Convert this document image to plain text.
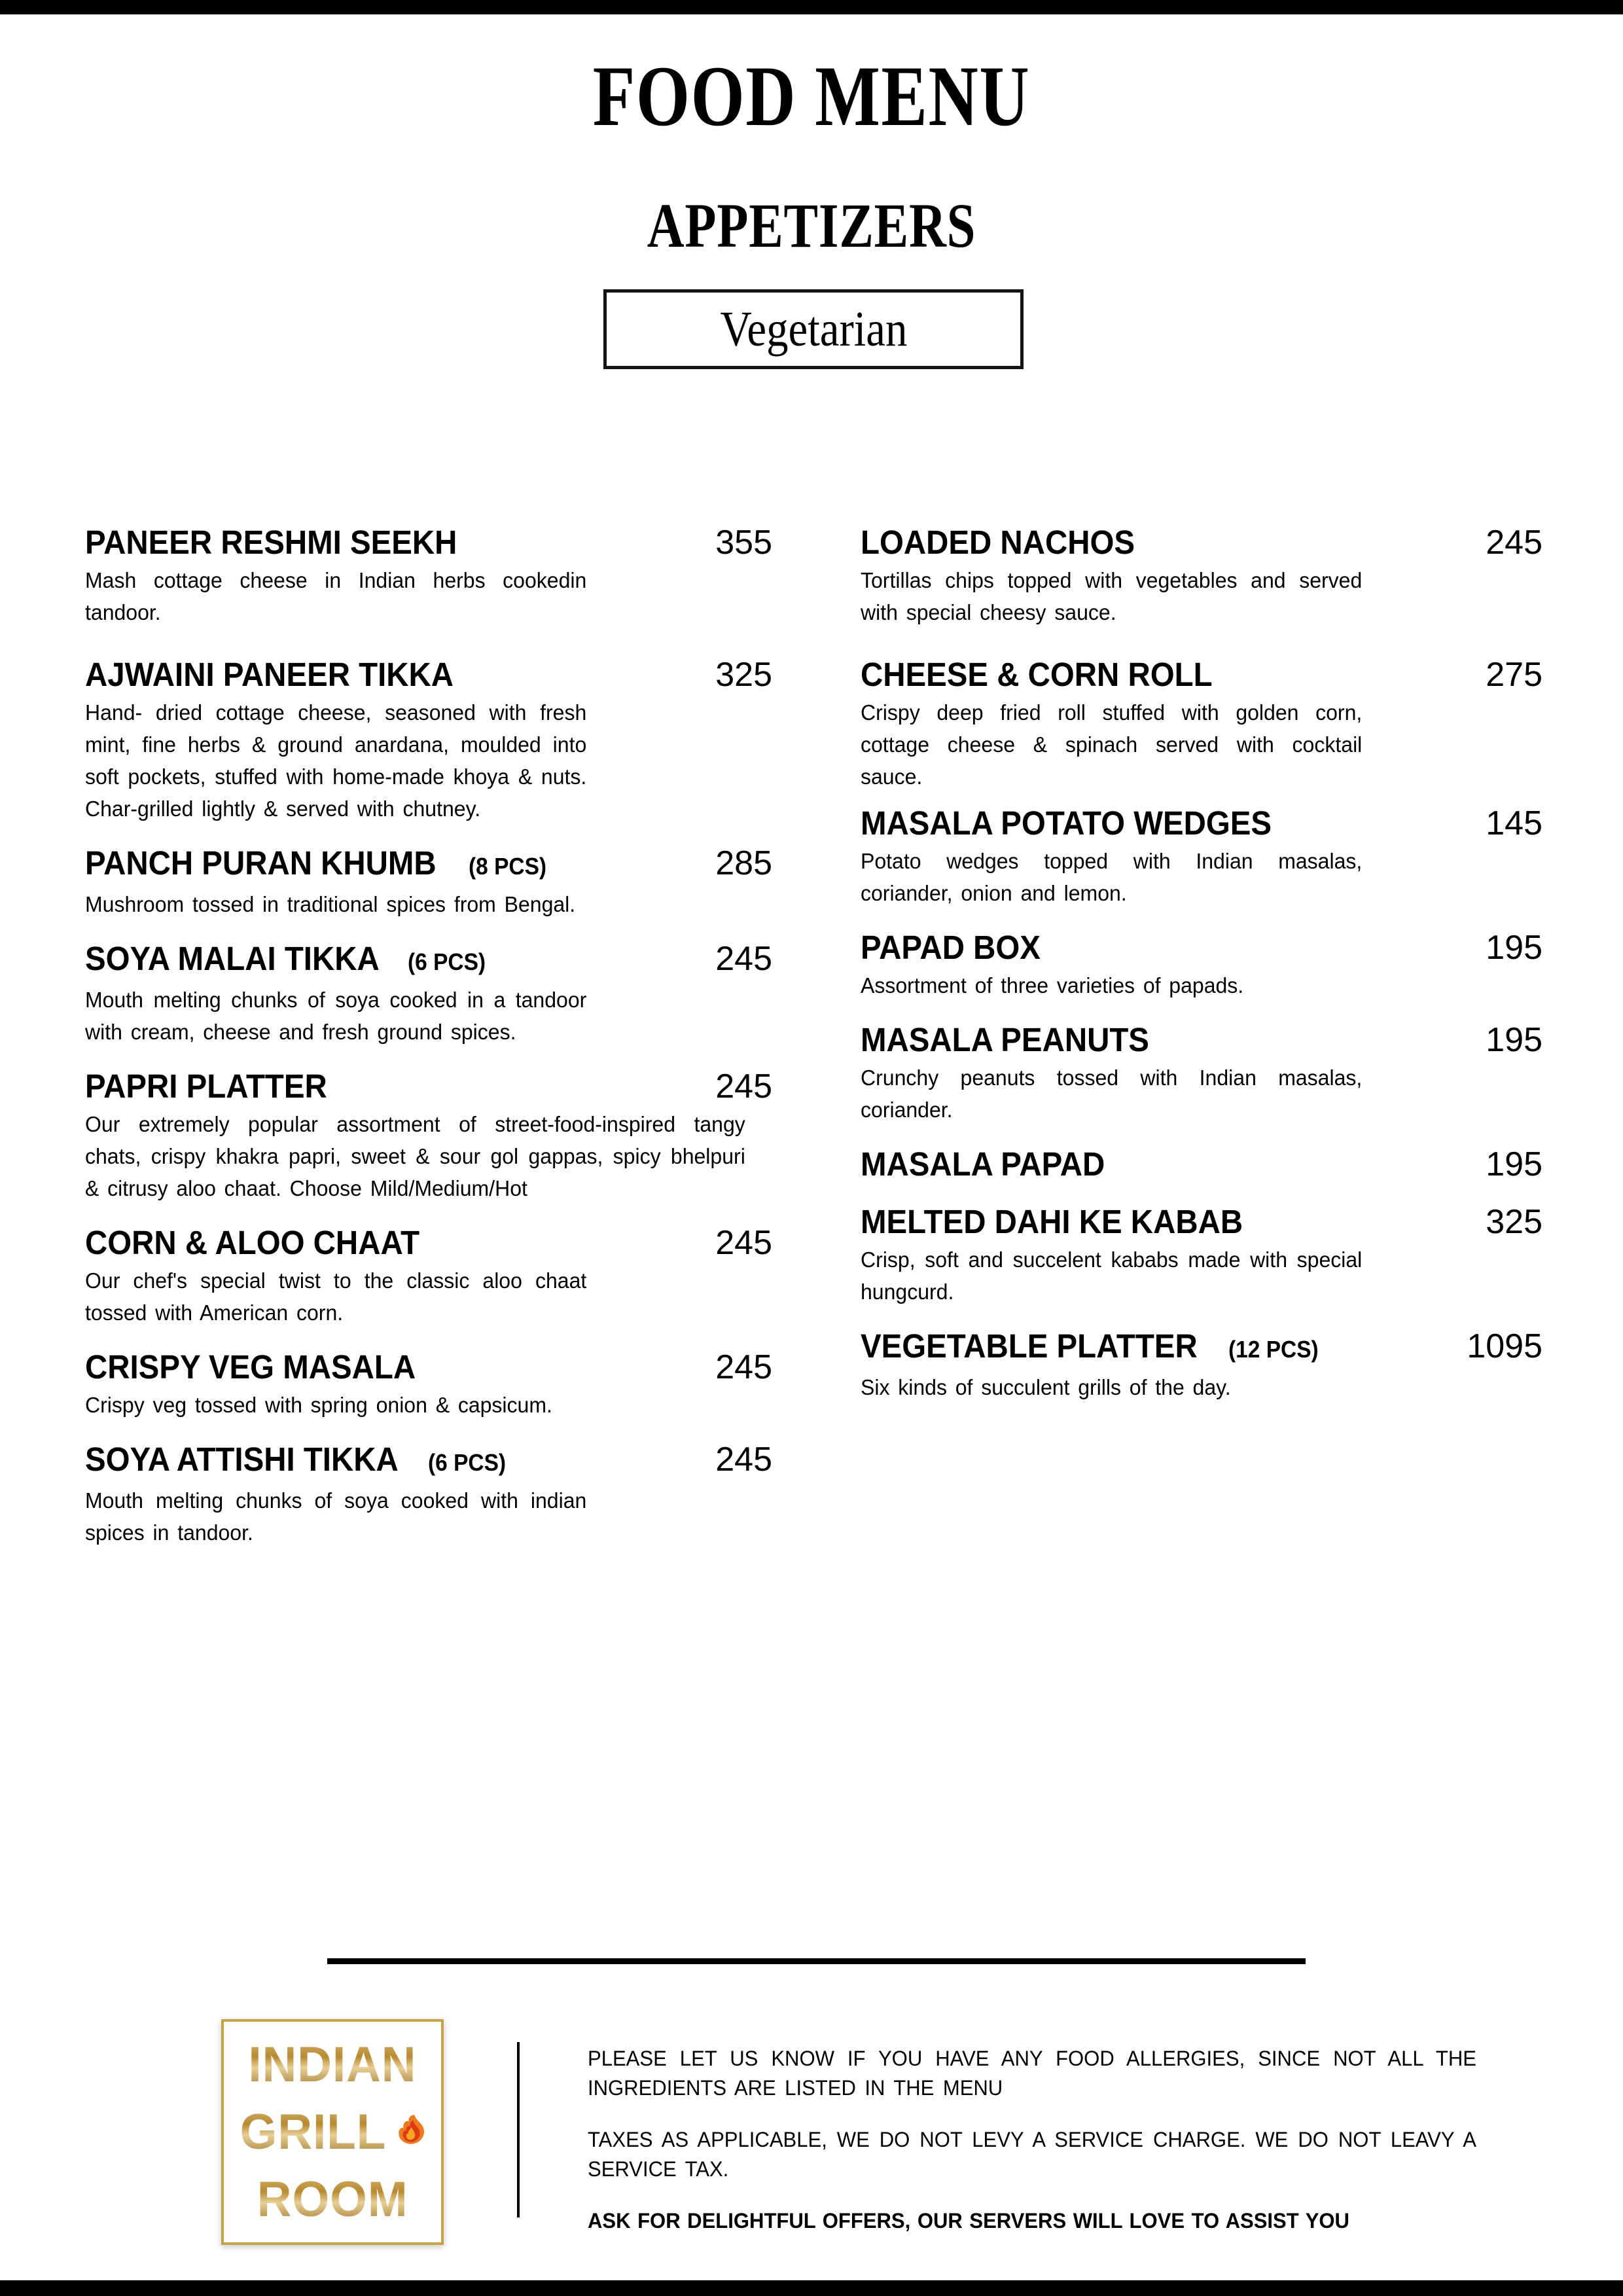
FOOD MENU
APPETIZERS
Vegetarian
PANEER RESHMI SEEKH	355
Mash cottage cheese in Indian herbs cookedin tandoor.
AJWAINI PANEER TIKKA	325
Hand- dried cottage cheese, seasoned with fresh mint, fine herbs & ground anardana, moulded into soft pockets, stuffed with home-made khoya & nuts. Char-grilled lightly & served with chutney.
PANCH PURAN KHUMB (8 PCS)	285
Mushroom tossed in traditional spices from Bengal.
SOYA MALAI TIKKA (6 PCS)	245
Mouth melting chunks of soya cooked in a tandoor with cream, cheese and fresh ground spices.
PAPRI PLATTER	245
Our extremely popular assortment of street-food-inspired tangy chats, crispy khakra papri, sweet & sour gol gappas, spicy bhelpuri & citrusy aloo chaat. Choose Mild/Medium/Hot
CORN & ALOO CHAAT	245
Our chef's special twist to the classic aloo chaat tossed with American corn.
CRISPY VEG MASALA	245
Crispy veg tossed with spring onion & capsicum.
SOYA ATTISHI TIKKA (6 PCS)	245
Mouth melting chunks of soya cooked with indian spices in tandoor.
LOADED NACHOS	245
Tortillas chips topped with vegetables and served with special cheesy sauce.
CHEESE & CORN ROLL	275
Crispy deep fried roll stuffed with golden corn, cottage cheese & spinach served with cocktail sauce.
MASALA POTATO WEDGES	145
Potato wedges topped with Indian masalas, coriander, onion and lemon.
PAPAD BOX	195
Assortment of three varieties of papads.
MASALA PEANUTS	195
Crunchy peanuts tossed with Indian masalas, coriander.
MASALA PAPAD	195
MELTED DAHI KE KABAB	325
Crisp, soft and succelent kababs made with special hungcurd.
VEGETABLE PLATTER (12 PCS)	1095
Six kinds of succulent grills of the day.
INDIAN
GRILL
ROOM
PLEASE LET US KNOW IF YOU HAVE ANY FOOD ALLERGIES, SINCE NOT ALL THE INGREDIENTS ARE LISTED IN THE MENU
TAXES AS APPLICABLE, WE DO NOT LEVY A SERVICE CHARGE. WE DO NOT LEAVY A SERVICE TAX.
ASK FOR DELIGHTFUL OFFERS, OUR SERVERS WILL LOVE TO ASSIST YOU
